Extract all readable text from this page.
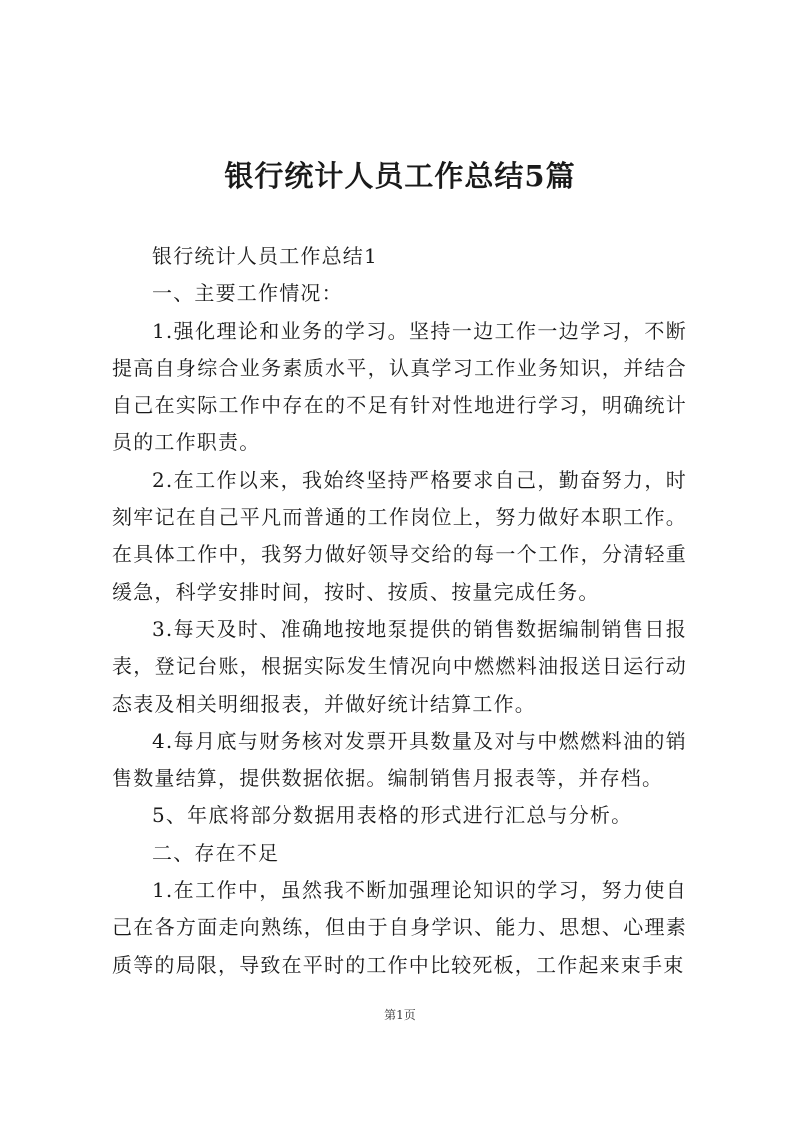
银行统计人员工作总结5篇

银行统计人员工作总结1

一、主要工作情况：

1.强化理论和业务的学习。坚持一边工作一边学习，不断提高自身综合业务素质水平，认真学习工作业务知识，并结合自己在实际工作中存在的不足有针对性地进行学习，明确统计员的工作职责。

2.在工作以来，我始终坚持严格要求自己，勤奋努力，时刻牢记在自己平凡而普通的工作岗位上，努力做好本职工作。在具体工作中，我努力做好领导交给的每一个工作，分清轻重缓急，科学安排时间，按时、按质、按量完成任务。

3.每天及时、准确地按地泵提供的销售数据编制销售日报表，登记台账，根据实际发生情况向中燃燃料油报送日运行动态表及相关明细报表，并做好统计结算工作。

4.每月底与财务核对发票开具数量及对与中燃燃料油的销售数量结算，提供数据依据。编制销售月报表等，并存档。

5、年底将部分数据用表格的形式进行汇总与分析。

二、存在不足

1.在工作中，虽然我不断加强理论知识的学习，努力使自己在各方面走向熟练，但由于自身学识、能力、思想、心理素质等的局限，导致在平时的工作中比较死板，工作起来束手束

第1页
